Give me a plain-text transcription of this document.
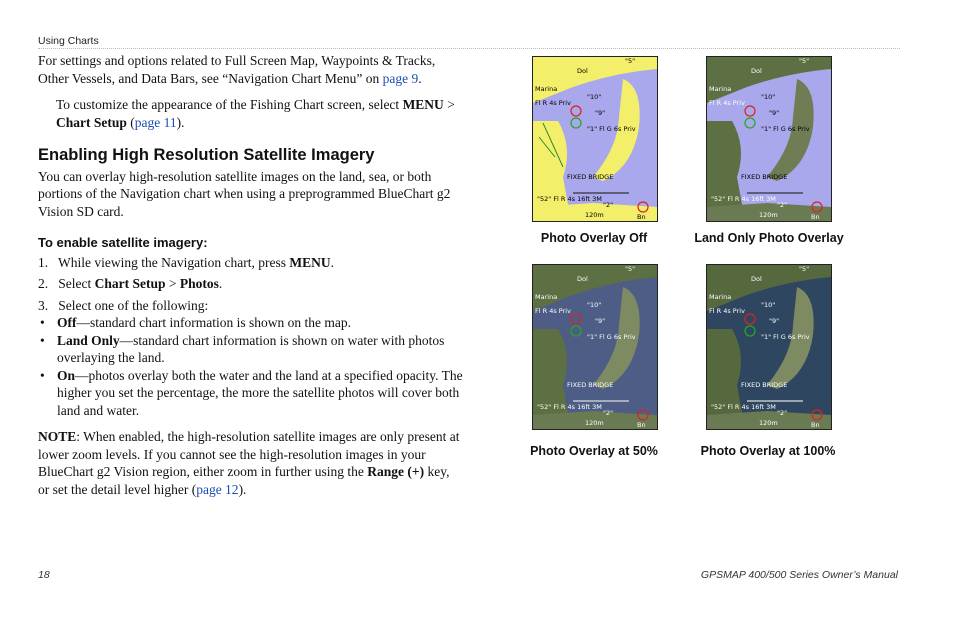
Using Charts

For settings and options related to Full Screen Map, Waypoints & Tracks, Other Vessels, and Data Bars, see “Navigation Chart Menu” on page 9.

To customize the appearance of the Fishing Chart screen, select MENU > Chart Setup (page 11).

Enabling High Resolution Satellite Imagery

You can overlay high-resolution satellite images on the land, sea, or both portions of the Navigation chart when using a preprogrammed BlueChart g2 Vision SD card.

To enable satellite imagery:

1. While viewing the Navigation chart, press MENU.

2. Select Chart Setup > Photos.

3. Select one of the following:

• Off—standard chart information is shown on the map.

• Land Only—standard chart information is shown on water with photos overlaying the land.

• On—photos overlay both the water and the land at a specified opacity. The higher you set the percentage, the more the satellite photos will cover both land and water.

NOTE: When enabled, the high-resolution satellite images are only present at lower zoom levels. If you cannot see the high-resolution images in your BlueChart g2 Vision region, either zoom in further using the Range (+) key, or set the detail level higher (page 12).

Dol
"5"
Marina
Fl R 4s Priv
"10"
"9"
"1" Fl G 6s Priv
FIXED BRIDGE
"52" Fl R 4s 16ft 3M
"2"
120m	Bn
Photo Overlay Off
Dol
"5"
Marina
Fl R 4s Priv
"10"
"9"
"1" Fl G 6s Priv
FIXED BRIDGE
"52" Fl R 4s 16ft 3M
"2"
120m	Bn
Land Only Photo Overlay
Dol
"5"
Marina
Fl R 4s Priv
"10"
"9"
"1" Fl G 6s Priv
FIXED BRIDGE
"52" Fl R 4s 16ft 3M
"2"
120m	Bn
Photo Overlay at 50%
Dol
"5"
Marina
Fl R 4s Priv
"10"
"9"
"1" Fl G 6s Priv
FIXED BRIDGE
"52" Fl R 4s 16ft 3M
"2"
120m	Bn
Photo Overlay at 100%
18	GPSMAP 400/500 Series Owner’s Manual
